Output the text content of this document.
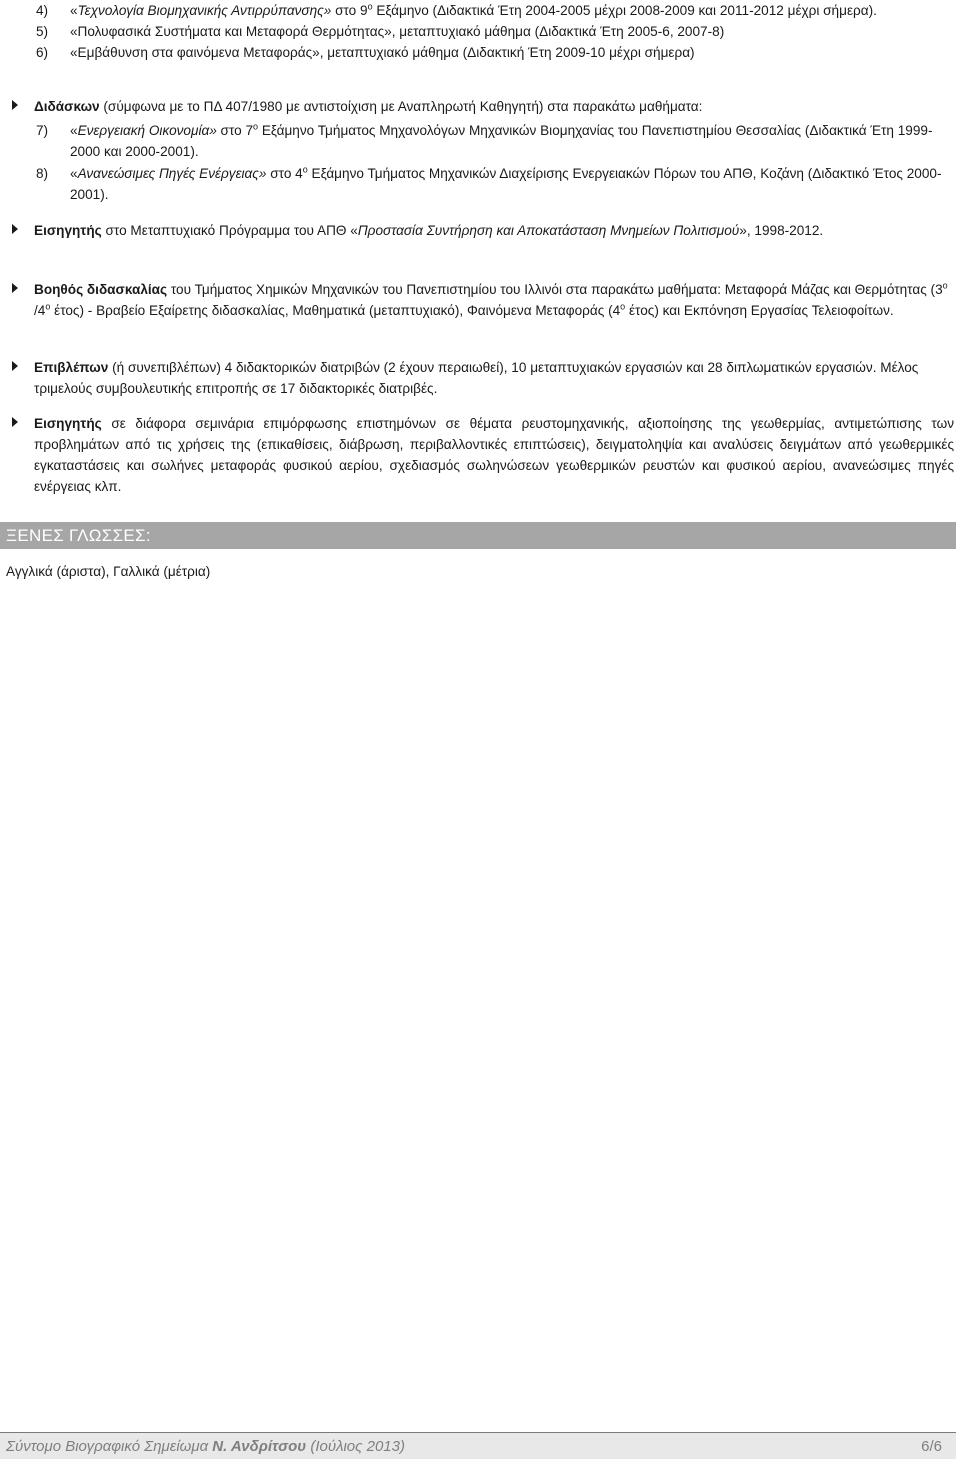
4) «Τεχνολογία Βιομηχανικής Αντιρρύπανσης» στο $9^o$ Εξάμηνο (Διδακτικά Έτη 2004-2005 μέχρι 2008-2009 και 2011-2012 μέχρι σήμερα).
5) «Πολυφασικά Συστήματα και Μεταφορά Θερμότητας», μεταπτυχιακό μάθημα (Διδακτικά Έτη 2005-6, 2007-8)
6) «Εμβάθυνση στα φαινόμενα Μεταφοράς», μεταπτυχιακό μάθημα (Διδακτική Έτη 2009-10 μέχρι σήμερα)
Διδάσκων (σύμφωνα με το ΠΔ 407/1980 με αντιστοίχιση με Αναπληρωτή Καθηγητή) στα παρακάτω μαθήματα:
7) «Ενεργειακή Οικονομία» στο $7^o$ Εξάμηνο Τμήματος Μηχανολόγων Μηχανικών Βιομηχανίας του Πανεπιστημίου Θεσσαλίας (Διδακτικά Έτη 1999-2000 και 2000-2001).
8) «Ανανεώσιμες Πηγές Ενέργειας» στο $4^o$ Εξάμηνο Τμήματος Μηχανικών Διαχείρισης Ενεργειακών Πόρων του ΑΠΘ, Κοζάνη (Διδακτικό Έτος 2000-2001).
Εισηγητής στο Μεταπτυχιακό Πρόγραμμα του ΑΠΘ «Προστασία Συντήρηση και Αποκατάσταση Μνημείων Πολιτισμού», 1998-2012.
Βοηθός διδασκαλίας του Τμήματος Χημικών Μηχανικών του Πανεπιστημίου του Ιλλινόι στα παρακάτω μαθήματα: Μεταφορά Μάζας και Θερμότητας ($3^o$ $/4^o$ έτος) - Βραβείο Εξαίρετης διδασκαλίας, Μαθηματικά (μεταπτυχιακό), Φαινόμενα Μεταφοράς ($4^o$ έτος) και Εκπόνηση Εργασίας Τελειοφοίτων.
Επιβλέπων (ή συνεπιβλέπων) 4 διδακτορικών διατριβών (2 έχουν περαιωθεί), 10 μεταπτυχιακών εργασιών και 28 διπλωματικών εργασιών. Μέλος τριμελούς συμβουλευτικής επιτροπής σε 17 διδακτορικές διατριβές.
Εισηγητής σε διάφορα σεμινάρια επιμόρφωσης επιστημόνων σε θέματα ρευστομηχανικής, αξιοποίησης της γεωθερμίας, αντιμετώπισης των προβλημάτων από τις χρήσεις της (επικαθίσεις, διάβρωση, περιβαλλοντικές επιπτώσεις), δειγματοληψία και αναλύσεις δειγμάτων από γεωθερμικές εγκαταστάσεις και σωλήνες μεταφοράς φυσικού αερίου, σχεδιασμός σωληνώσεων γεωθερμικών ρευστών και φυσικού αερίου, ανανεώσιμες πηγές ενέργειας κλπ.
ΞΕΝΕΣ ΓΛΩΣΣΕΣ:
Αγγλικά (άριστα), Γαλλικά (μέτρια)
Σύντομο Βιογραφικό Σημείωμα Ν. Ανδρίτσου (Ιούλιος 2013)	6/6
